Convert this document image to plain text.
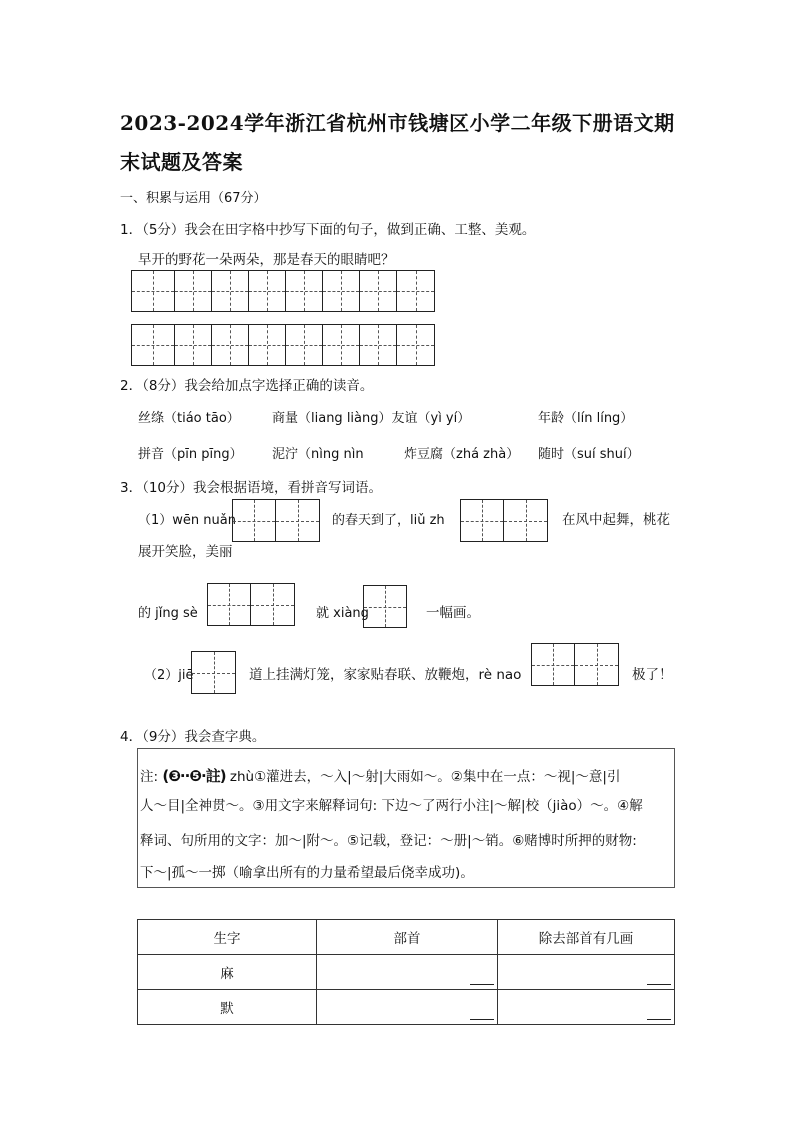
2023-2024学年浙江省杭州市钱塘区小学二年级下册语文期
末试题及答案
一、积累与运用（67分）
1．（5分）我会在田字格中抄写下面的句子，做到正确、工整、美观。
早开的野花一朵两朵，那是春天的眼睛吧？
2．（8分）我会给加点字选择正确的读音。
丝绦（tiáo tāo） 商量（liang liàng）友谊（yì yí）	年龄（lín líng）
拼音（pīn pīng） 泥泞（nìng nìn	炸豆腐（zhá zhà） 随时（suí shuí）
3．（10分）我会根据语境，看拼音写词语。
（1）wēn nuǎn	的春天到了，liǔ zh	在风中起舞，桃花
展开笑脸，美丽
的 jǐng sè	就 xiàng	一幅画。
（2）jiē	道上挂满灯笼，家家贴春联、放鞭炮，rè nao	极了！
4．（9分）我会查字典。
注: (❸··❺·註) zhù①灌进去，～入|～射|大雨如～。②集中在一点：～视|～意|引
人～目|全神贯～。③用文字来解释词句: 下边～了两行小注|～解|校（jiào）～。④解
释词、句所用的文字：加～|附～。⑤记载，登记：～册|～销。⑥赌博时所押的财物:
下～|孤～一掷（喻拿出所有的力量希望最后侥幸成功)。
生字	部首	除去部首有几画
麻	

默	
